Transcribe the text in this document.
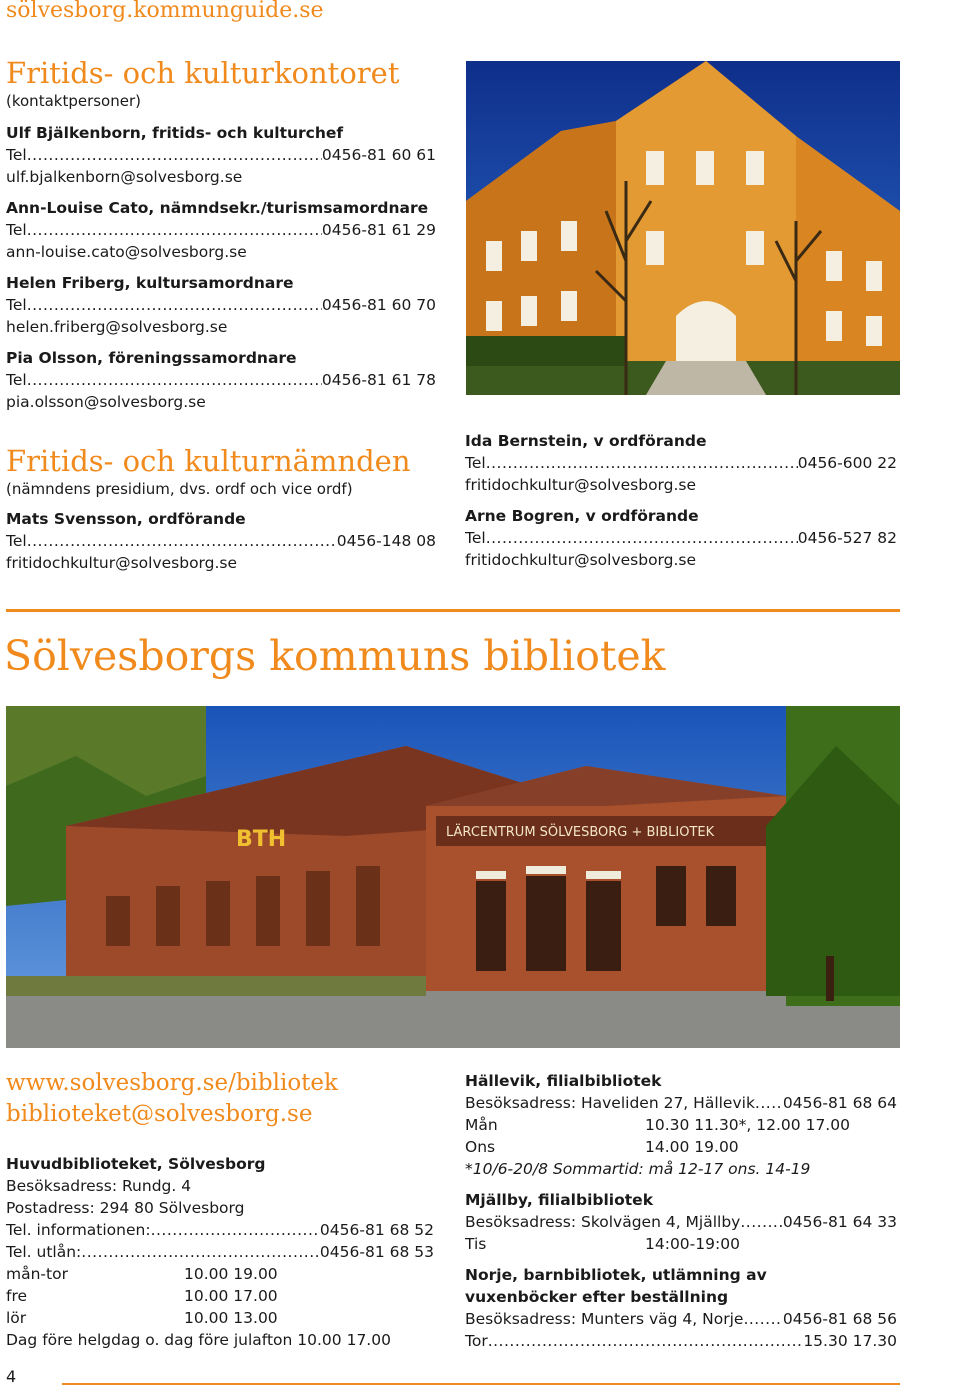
sölvesborg.kommunguide.se
Fritids- och kulturkontoret
(kontaktpersoner)
Ulf Bjälkenborn, fritids- och kulturchef
Tel .....	0456-81 60 61
ulf.bjalkenborn@solvesborg.se
Ann-Louise Cato, nämndsekr./turismsamordnare
Tel .....	0456-81 61 29
ann-louise.cato@solvesborg.se
Helen Friberg, kultursamordnare
Tel .....	0456-81 60 70
helen.friberg@solvesborg.se
Pia Olsson, föreningssamordnare
Tel .....	0456-81 61 78
pia.olsson@solvesborg.se
Fritids- och kulturnämnden
(nämndens presidium, dvs. ordf och vice ordf)
Mats Svensson, ordförande
Tel .....	0456-148 08
fritidochkultur@solvesborg.se
Ida Bernstein, v ordförande
Tel .....	0456-600 22
fritidochkultur@solvesborg.se
Arne Bogren, v ordförande
Tel .....	0456-527 82
fritidochkultur@solvesborg.se
Sölvesborgs kommuns bibliotek
LÄRCENTRUM SÖLVESBORG + BIBLIOTEK
BTH
www.solvesborg.se/bibliotek
biblioteket@solvesborg.se
Huvudbiblioteket, Sölvesborg
Besöksadress: Rundg. 4
Postadress: 294 80 Sölvesborg
Tel. informationen: .....	0456-81 68 52
Tel. utlån: .....	0456-81 68 53
mån-tor	10.00 19.00
fre	10.00 17.00
lör	10.00 13.00
Dag före helgdag o. dag före julafton 10.00 17.00
Hällevik, filialbibliotek
Besöksadress: Haveliden 27, Hällevik ..... 0456-81 68 64
Mån	10.30 11.30*, 12.00 17.00
Ons	14.00 19.00
*10/6-20/8 Sommartid: må 12-17 ons. 14-19
Mjällby, filialbibliotek
Besöksadress: Skolvägen 4, Mjällby .....	0456-81 64 33
Tis	14:00-19:00
Norje, barnbibliotek, utlämning av
vuxenböcker efter beställning
Besöksadress: Munters väg 4, Norje .....	0456-81 68 56
Tor .....	15.30 17.30
4
